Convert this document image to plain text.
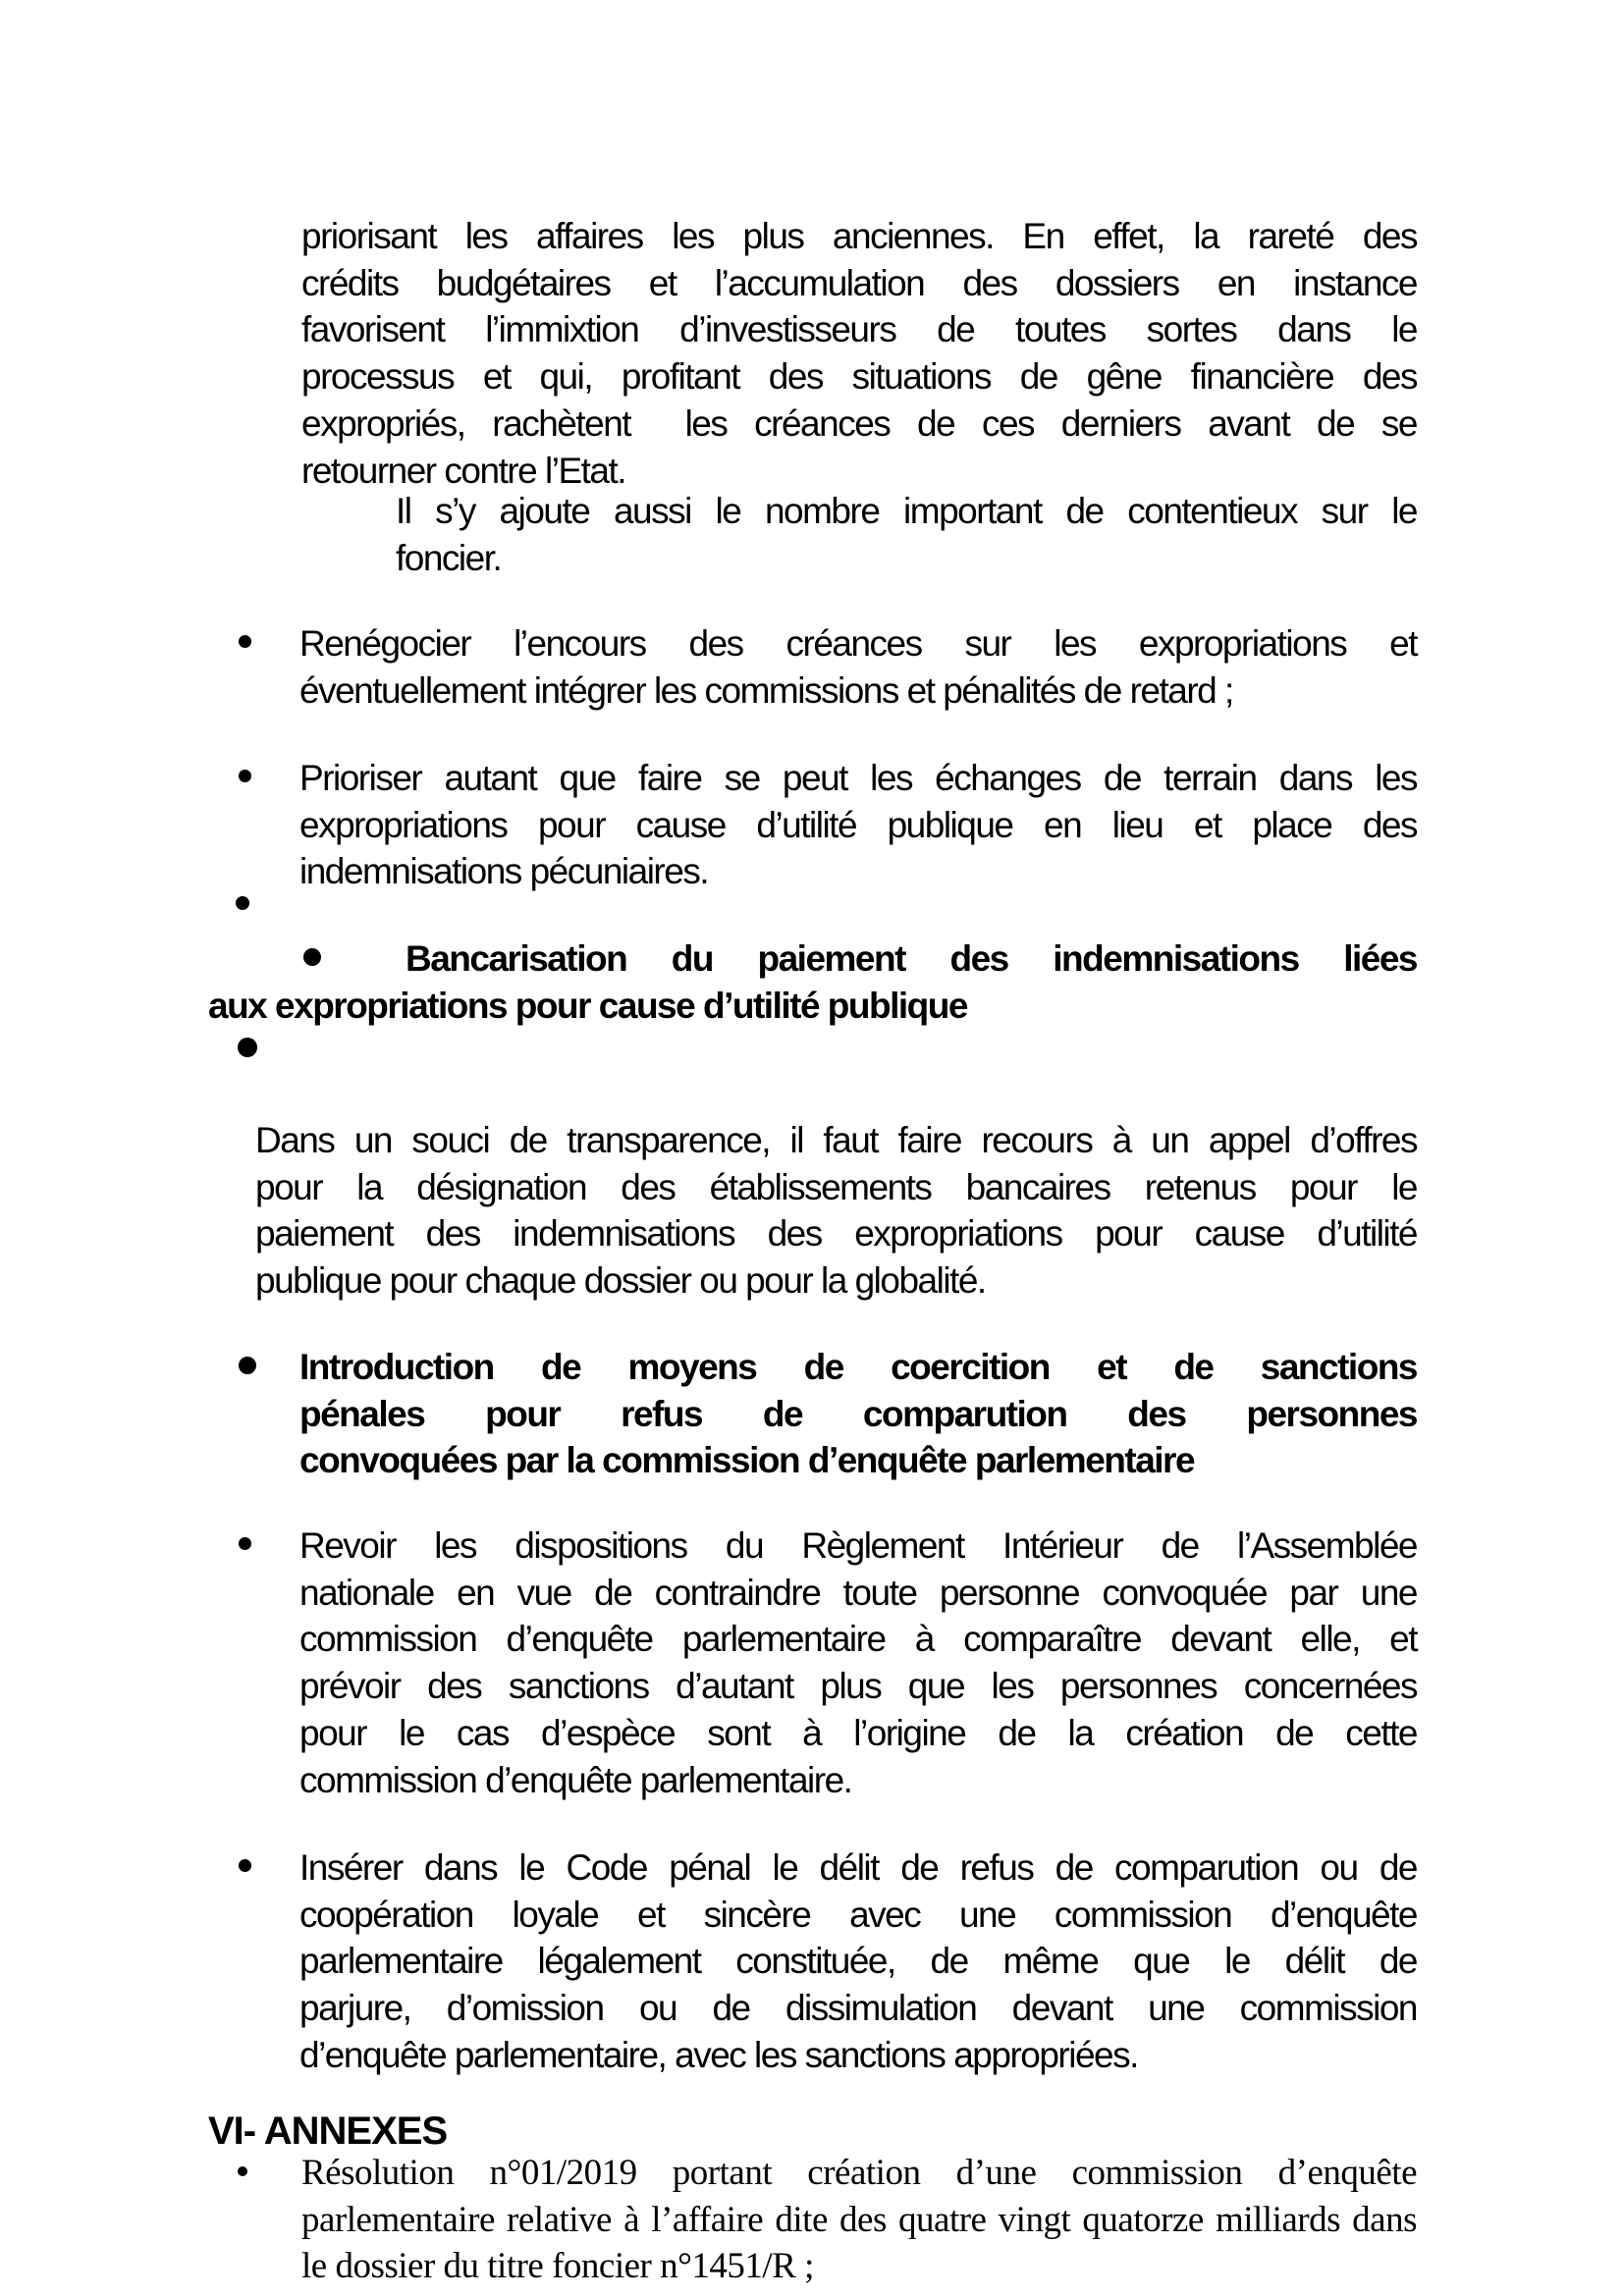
priorisant les affaires les plus anciennes. En effet, la rareté des
crédits budgétaires et l’accumulation des dossiers en instance
favorisent l’immixtion d’investisseurs de toutes sortes dans le
processus et qui, profitant des situations de gêne financière des
expropriés, rachètent  les créances de ces derniers avant de se
retourner contre l’Etat.
Il s’y ajoute aussi le nombre important de contentieux sur le
foncier.
Renégocier l’encours des créances sur les expropriations et
éventuellement intégrer les commissions et pénalités de retard ;
Prioriser autant que faire se peut les échanges de terrain dans les
expropriations pour cause d’utilité publique en lieu et place des
indemnisations pécuniaires.
Bancarisation du paiement des indemnisations liées
aux expropriations pour cause d’utilité publique
Dans un souci de transparence, il faut faire recours à un appel d’offres
pour la désignation des établissements bancaires retenus pour le
paiement des indemnisations des expropriations pour cause d’utilité
publique pour chaque dossier ou pour la globalité.
Introduction de moyens de coercition et de sanctions
pénales pour refus de comparution des personnes
convoquées par la commission d’enquête parlementaire
Revoir les dispositions du Règlement Intérieur de l’Assemblée
nationale en vue de contraindre toute personne convoquée par une
commission d’enquête parlementaire à comparaître devant elle, et
prévoir des sanctions d’autant plus que les personnes concernées
pour le cas d’espèce sont à l’origine de la création de cette
commission d’enquête parlementaire.
Insérer dans le Code pénal le délit de refus de comparution ou de
coopération loyale et sincère avec une commission d’enquête
parlementaire légalement constituée, de même que le délit de
parjure, d’omission ou de dissimulation devant une commission
d’enquête parlementaire, avec les sanctions appropriées.
VI- ANNEXES
Résolution n°01/2019 portant création d’une commission d’enquête
parlementaire relative à l’affaire dite des quatre vingt quatorze milliards dans
le dossier du titre foncier n°1451/R ;
